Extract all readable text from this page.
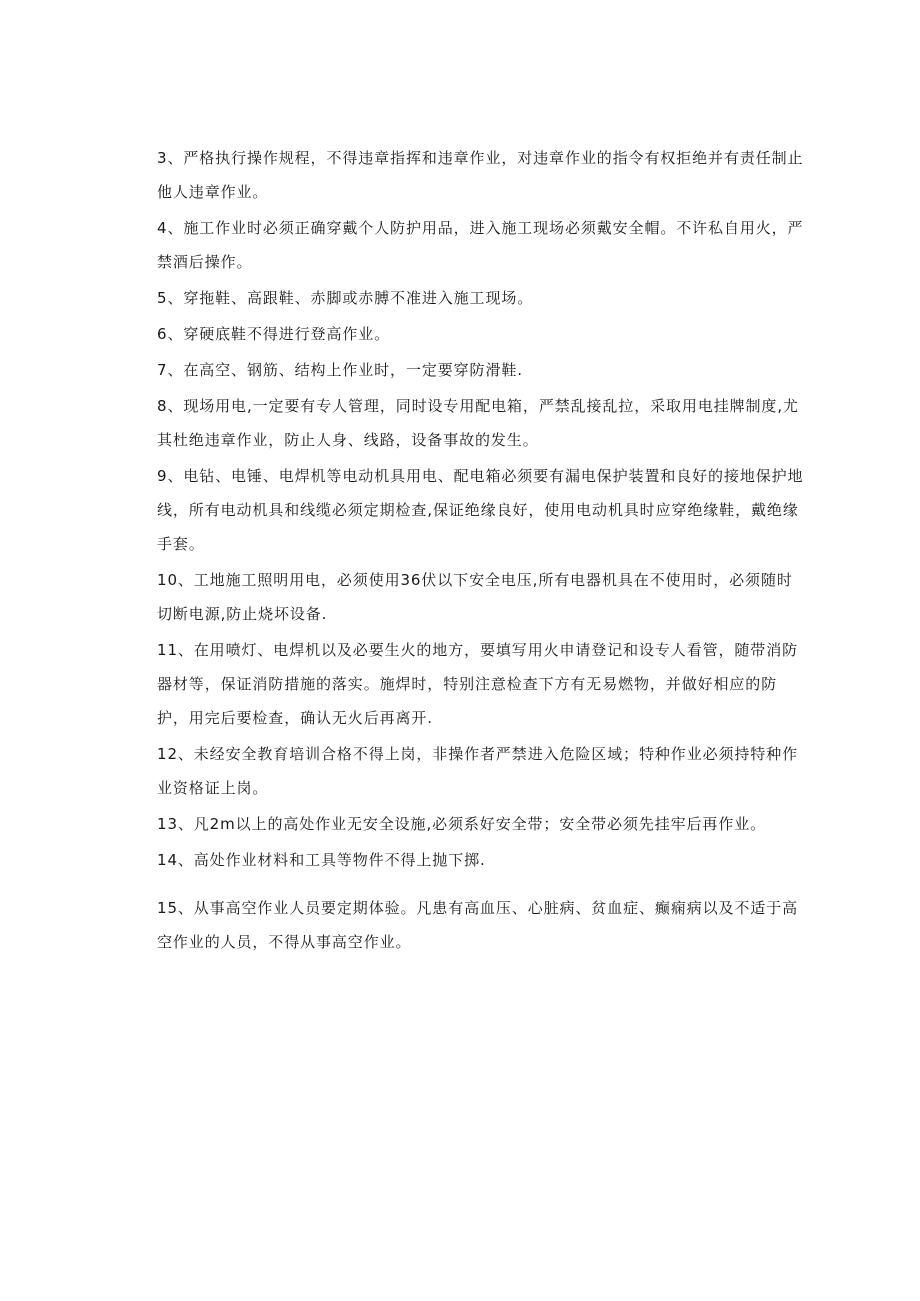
3、严格执行操作规程，不得违章指挥和违章作业，对违章作业的指令有权拒绝并有责任制止他人违章作业。

4、施工作业时必须正确穿戴个人防护用品，进入施工现场必须戴安全帽。不许私自用火，严禁酒后操作。

5、穿拖鞋、高跟鞋、赤脚或赤膊不准进入施工现场。

6、穿硬底鞋不得进行登高作业。

7、在高空、钢筋、结构上作业时，一定要穿防滑鞋.

8、现场用电,一定要有专人管理，同时设专用配电箱，严禁乱接乱拉，采取用电挂牌制度,尤其杜绝违章作业，防止人身、线路，设备事故的发生。

9、电钻、电锤、电焊机等电动机具用电、配电箱必须要有漏电保护装置和良好的接地保护地线，所有电动机具和线缆必须定期检查,保证绝缘良好，使用电动机具时应穿绝缘鞋，戴绝缘手套。

10、工地施工照明用电，必须使用36伏以下安全电压,所有电器机具在不使用时，必须随时切断电源,防止烧坏设备.

11、在用喷灯、电焊机以及必要生火的地方，要填写用火申请登记和设专人看管，随带消防器材等，保证消防措施的落实。施焊时，特别注意检查下方有无易燃物，并做好相应的防护，用完后要检查，确认无火后再离开.

12、未经安全教育培训合格不得上岗，非操作者严禁进入危险区域；特种作业必须持特种作业资格证上岗。

13、凡2m以上的高处作业无安全设施,必须系好安全带；安全带必须先挂牢后再作业。

14、高处作业材料和工具等物件不得上抛下掷.

15、从事高空作业人员要定期体验。凡患有高血压、心脏病、贫血症、癫痫病以及不适于高空作业的人员，不得从事高空作业。
